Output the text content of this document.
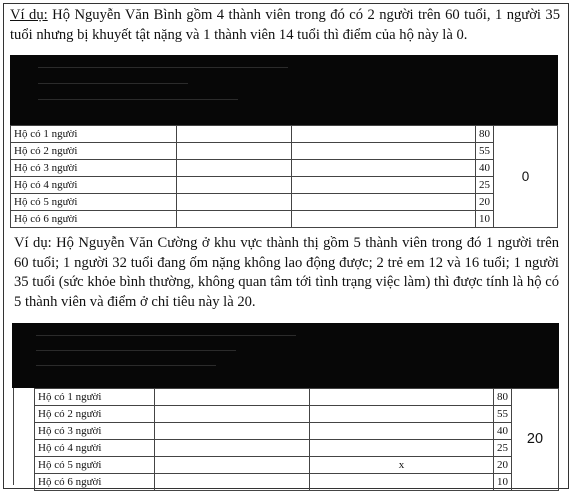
Ví dụ: Hộ Nguyễn Văn Bình gồm 4 thành viên trong đó có 2 người trên 60 tuổi, 1 người 35 tuổi nhưng bị khuyết tật nặng và 1 thành viên 14 tuổi thì điểm của hộ này là 0.
Hộ có 1 người			80	0
Hộ có 2 người			55	
Hộ có 3 người			40	
Hộ có 4 người			25	
Hộ có 5 người			20	
Hộ có 6 người			10	
Ví dụ: Hộ Nguyễn Văn Cường ở khu vực thành thị gồm 5 thành viên trong đó 1 người trên 60 tuổi; 1 người 32 tuổi đang ốm nặng không lao động được; 2 trẻ em 12 và 16 tuổi; 1 người 35 tuổi (sức khỏe bình thường, không quan tâm tới tình trạng việc làm) thì được tính là hộ có 5 thành viên và điểm ở chỉ tiêu này là 20.
Hộ có 1 người			80	20
Hộ có 2 người			55	
Hộ có 3 người			40	
Hộ có 4 người			25	
Hộ có 5 người		x	20	
Hộ có 6 người			10	
